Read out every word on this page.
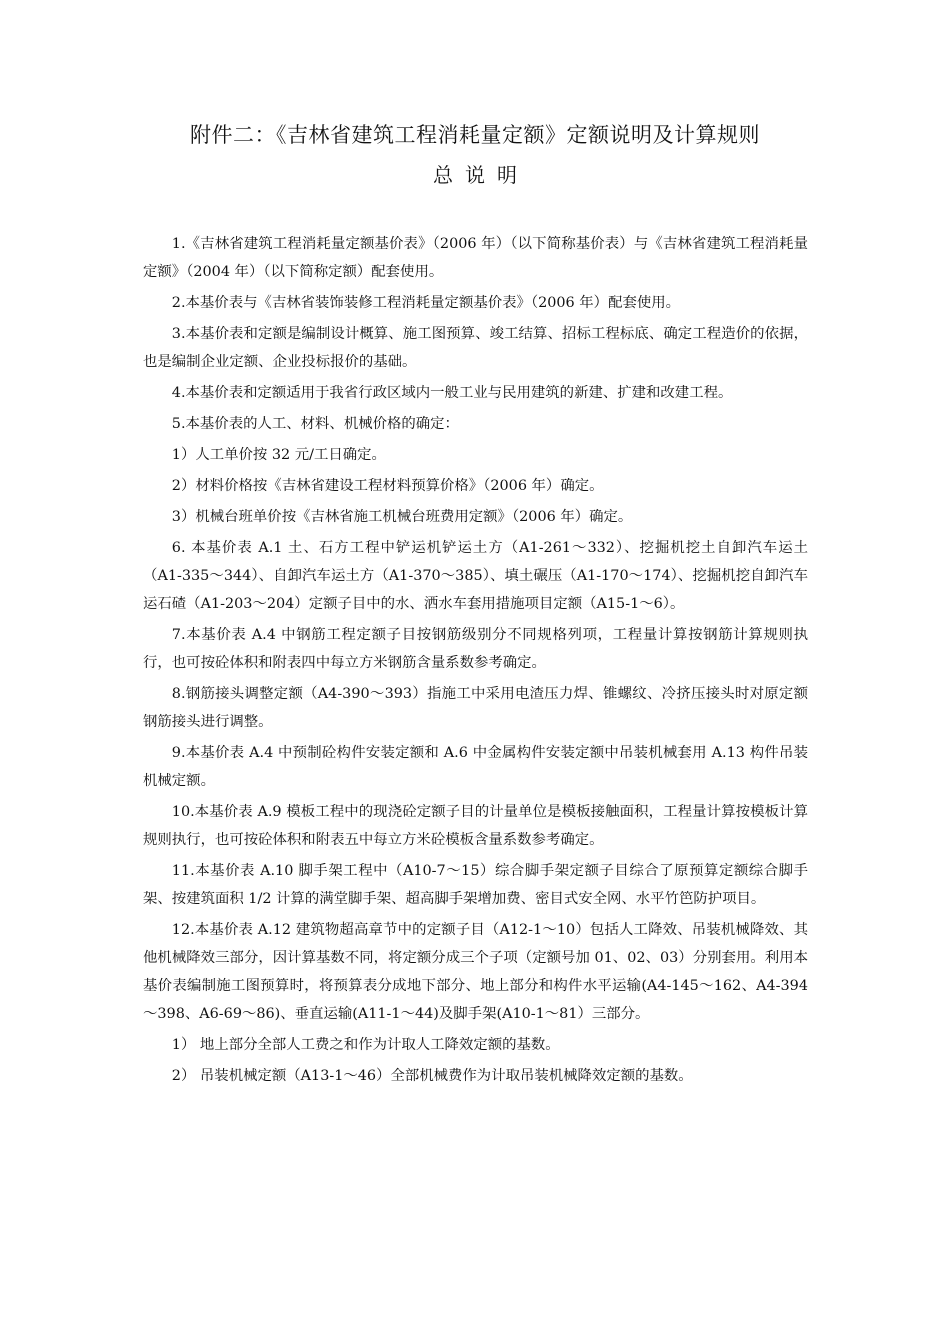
附件二：《吉林省建筑工程消耗量定额》定额说明及计算规则
总说明

1.《吉林省建筑工程消耗量定额基价表》（2006 年）（以下简称基价表）与《吉林省建筑工程消耗量定额》（2004 年）（以下简称定额）配套使用。

2.本基价表与《吉林省装饰装修工程消耗量定额基价表》（2006 年）配套使用。

3.本基价表和定额是编制设计概算、施工图预算、竣工结算、招标工程标底、确定工程造价的依据，也是编制企业定额、企业投标报价的基础。

4.本基价表和定额适用于我省行政区域内一般工业与民用建筑的新建、扩建和改建工程。

5.本基价表的人工、材料、机械价格的确定：

1）人工单价按 32 元/工日确定。

2）材料价格按《吉林省建设工程材料预算价格》（2006 年）确定。

3）机械台班单价按《吉林省施工机械台班费用定额》（2006 年）确定。

6. 本基价表 A.1 土、石方工程中铲运机铲运土方（A1-261～332）、挖掘机挖土自卸汽车运土（A1-335～344）、自卸汽车运土方（A1-370～385）、填土碾压（A1-170～174）、挖掘机挖自卸汽车运石碴（A1-203～204）定额子目中的水、洒水车套用措施项目定额（A15-1～6）。

7.本基价表 A.4 中钢筋工程定额子目按钢筋级别分不同规格列项，工程量计算按钢筋计算规则执行，也可按砼体积和附表四中每立方米钢筋含量系数参考确定。

8.钢筋接头调整定额（A4-390～393）指施工中采用电渣压力焊、锥螺纹、冷挤压接头时对原定额钢筋接头进行调整。

9.本基价表 A.4 中预制砼构件安装定额和 A.6 中金属构件安装定额中吊装机械套用 A.13 构件吊装机械定额。

10.本基价表 A.9 模板工程中的现浇砼定额子目的计量单位是模板接触面积，工程量计算按模板计算规则执行，也可按砼体积和附表五中每立方米砼模板含量系数参考确定。

11.本基价表 A.10 脚手架工程中（A10-7～15）综合脚手架定额子目综合了原预算定额综合脚手架、按建筑面积 1/2 计算的满堂脚手架、超高脚手架增加费、密目式安全网、水平竹笆防护项目。

12.本基价表 A.12 建筑物超高章节中的定额子目（A12-1～10）包括人工降效、吊装机械降效、其他机械降效三部分，因计算基数不同，将定额分成三个子项（定额号加 01、02、03）分别套用。利用本基价表编制施工图预算时，将预算表分成地下部分、地上部分和构件水平运输(A4-145～162、A4-394～398、A6-69～86)、垂直运输(A11-1～44)及脚手架(A10-1～81）三部分。

1） 地上部分全部人工费之和作为计取人工降效定额的基数。

2） 吊装机械定额（A13-1～46）全部机械费作为计取吊装机械降效定额的基数。
